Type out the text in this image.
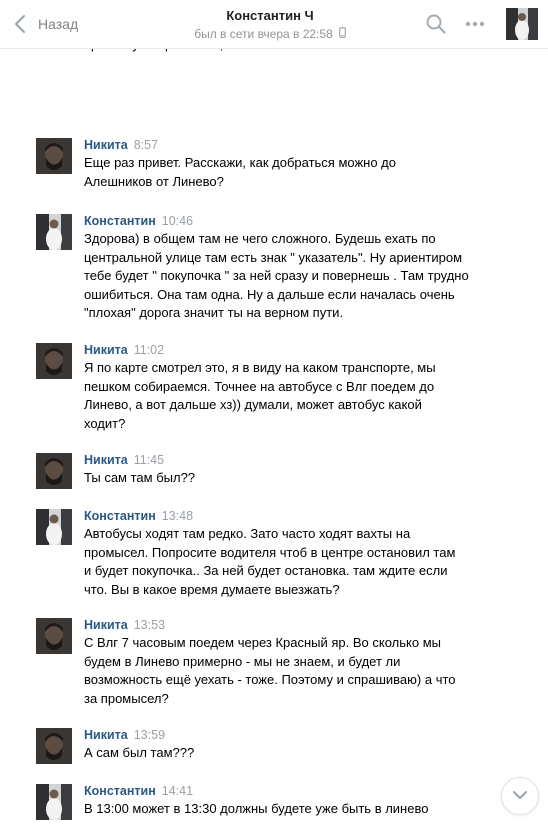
Назад
Константин Ч
был в сети вчера в 22:58
Никита 8:57
Еще раз привет. Расскажи, как добраться можно до
Алешников от Линево?
Константин 10:46
Здорова) в общем там не чего сложного. Будешь ехать по
центральной улице там есть знак " указатель". Ну ариентиром
тебе будет " покупочка " за ней сразу и повернешь . Там трудно
ошибиться. Она там одна. Ну а дальше если началась очень
"плохая" дорога значит ты на верном пути.
Никита 11:02
Я по карте смотрел это, я в виду на каком транспорте, мы
пешком собираемся. Точнее на автобусе с Влг поедем до
Линево, а вот дальше хз)) думали, может автобус какой
ходит?
Никита 11:45
Ты сам там был??
Константин 13:48
Автобусы ходят там редко. Зато часто ходят вахты на
промысел. Попросите водителя чтоб в центре остановил там
и будет покупочка.. За ней будет остановка. там ждите если
что. Вы в какое время думаете выезжать?
Никита 13:53
С Влг 7 часовым поедем через Красный яр. Во сколько мы
будем в Линево примерно - мы не знаем, и будет ли
возможность ещё уехать - тоже. Поэтому и спрашиваю) а что
за промысел?
Никита 13:59
А сам был там???
Константин 14:41
В 13:00 может в 13:30 должны будете уже быть в линево
